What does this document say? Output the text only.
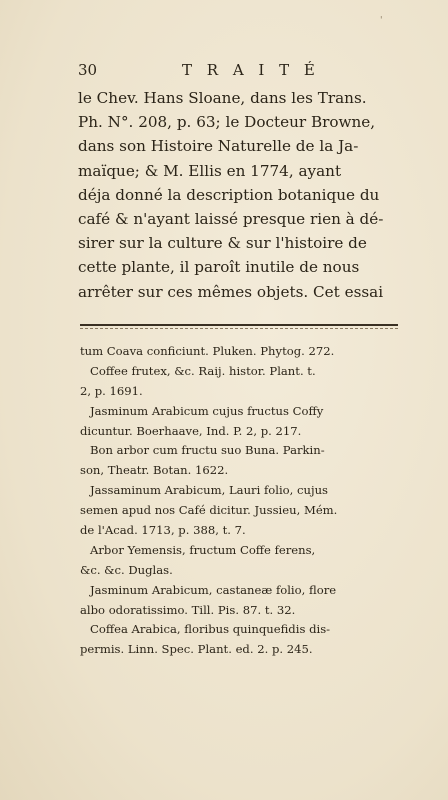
'
30	T R A I T É
le Chev. Hans Sloane, dans les Trans.
Ph. N°. 208, p. 63; le Docteur Browne,
dans son Histoire Naturelle de la Ja-
maïque; & M. Ellis en 1774, ayant
déja donné la description botanique du
café & n'ayant laissé presque rien à dé-
sirer sur la culture & sur l'histoire de
cette plante, il paroît inutile de nous
arrêter sur ces mêmes objets. Cet essai
tum Coava conficiunt. Pluken. Phytog. 272.
Coffee frutex, &c. Raij. histor. Plant. t.
2, p. 1691.
Jasminum Arabicum cujus fructus Coffy
dicuntur. Boerhaave, Ind. P. 2, p. 217.
Bon arbor cum fructu suo Buna. Parkin-
son, Theatr. Botan. 1622.
Jassaminum Arabicum, Lauri folio, cujus
semen apud nos Café dicitur. Jussieu, Mém.
de l'Acad. 1713, p. 388, t. 7.
Arbor Yemensis, fructum Coffe ferens,
&c. &c. Duglas.
Jasminum Arabicum, castaneæ folio, flore
albo odoratissimo. Till. Pis. 87. t. 32.
Coffea Arabica, floribus quinquefidis dis-
permis. Linn. Spec. Plant. ed. 2. p. 245.
